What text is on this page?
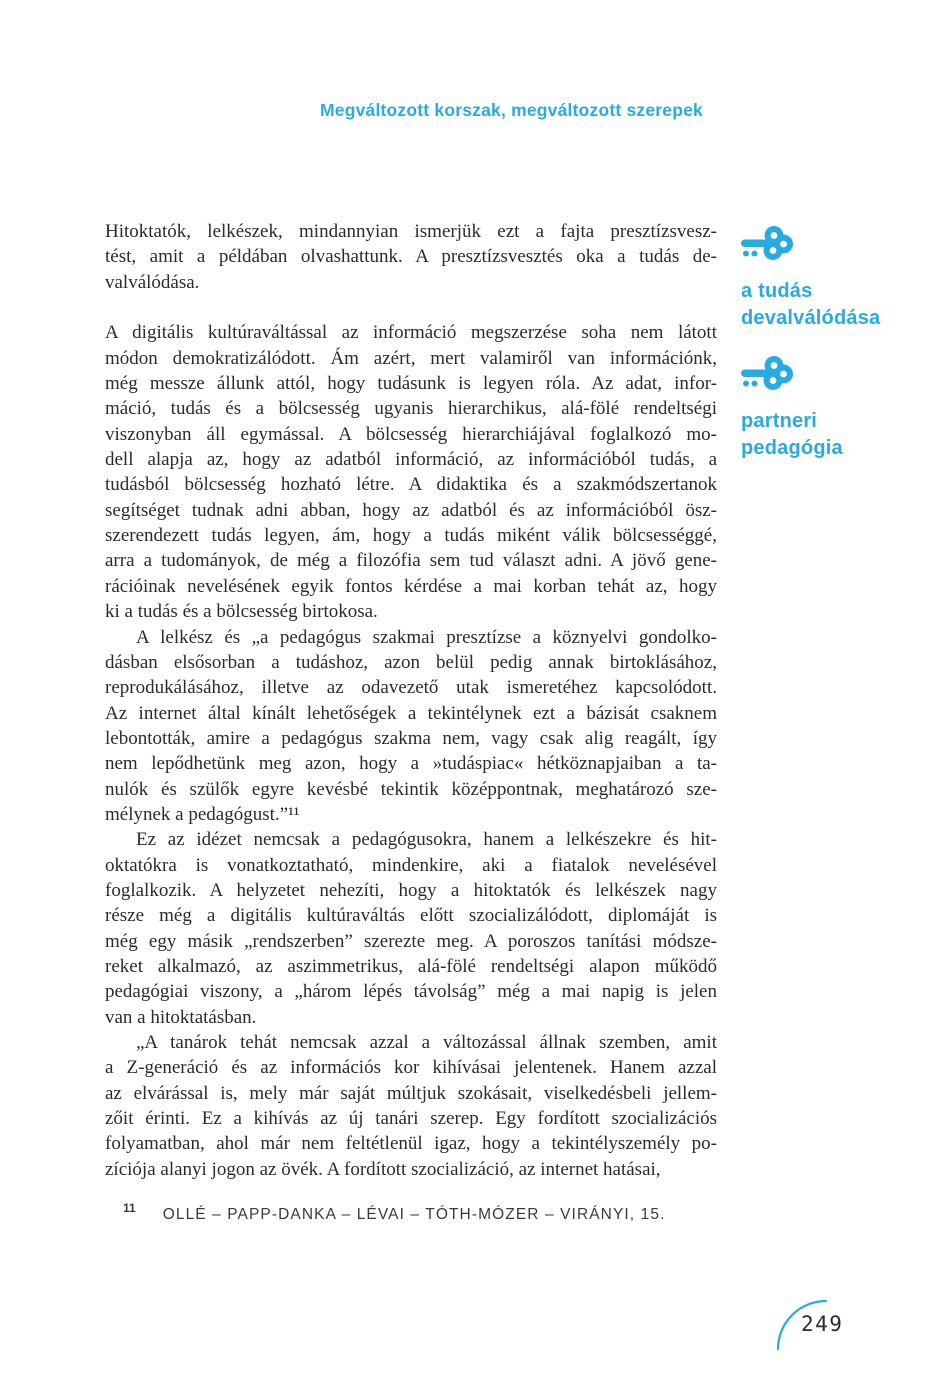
Megváltozott korszak, megváltozott szerepek
Hitoktatók, lelkészek, mindannyian ismerjük ezt a fajta presztízsvesz-
tést, amit a példában olvashattunk. A presztízsvesztés oka a tudás de-
valválódása.
A digitális kultúraváltással az információ megszerzése soha nem látott
módon demokratizálódott. Ám azért, mert valamiről van információnk,
még messze állunk attól, hogy tudásunk is legyen róla. Az adat, infor-
máció, tudás és a bölcsesség ugyanis hierarchikus, alá-fölé rendeltségi
viszonyban áll egymással. A bölcsesség hierarchiájával foglalkozó mo-
dell alapja az, hogy az adatból információ, az információból tudás, a
tudásból bölcsesség hozható létre. A didaktika és a szakmódszertanok
segítséget tudnak adni abban, hogy az adatból és az információból ösz-
szerendezett tudás legyen, ám, hogy a tudás miként válik bölcsességgé,
arra a tudományok, de még a filozófia sem tud választ adni. A jövő gene-
rációinak nevelésének egyik fontos kérdése a mai korban tehát az, hogy
ki a tudás és a bölcsesség birtokosa.
A lelkész és „a pedagógus szakmai presztízse a köznyelvi gondolko-
dásban elsősorban a tudáshoz, azon belül pedig annak birtoklásához,
reprodukálásához, illetve az odavezető utak ismeretéhez kapcsolódott.
Az internet által kínált lehetőségek a tekintélynek ezt a bázisát csaknem
lebontották, amire a pedagógus szakma nem, vagy csak alig reagált, így
nem lepődhetünk meg azon, hogy a »tudáspiac« hétköznapjaiban a ta-
nulók és szülők egyre kevésbé tekintik középpontnak, meghatározó sze-
mélynek a pedagógust.”¹¹
Ez az idézet nemcsak a pedagógusokra, hanem a lelkészekre és hit-
oktatókra is vonatkoztatható, mindenkire, aki a fiatalok nevelésével
foglalkozik. A helyzetet nehezíti, hogy a hitoktatók és lelkészek nagy
része még a digitális kultúraváltás előtt szocializálódott, diplomáját is
még egy másik „rendszerben” szerezte meg. A poroszos tanítási módsze-
reket alkalmazó, az aszimmetrikus, alá-fölé rendeltségi alapon működő
pedagógiai viszony, a „három lépés távolság” még a mai napig is jelen
van a hitoktatásban.
„A tanárok tehát nemcsak azzal a változással állnak szemben, amit
a Z-generáció és az információs kor kihívásai jelentenek. Hanem azzal
az elvárással is, mely már saját múltjuk szokásait, viselkedésbeli jellem-
zőit érinti. Ez a kihívás az új tanári szerep. Egy fordított szocializációs
folyamatban, ahol már nem feltétlenül igaz, hogy a tekintélyszemély po-
zíciója alanyi jogon az övék. A fordított szocializáció, az internet hatásai,
a tudás
devalválódása
partneri
pedagógia
11 OLLÉ – PAPP-DANKA – LÉVAI – TÓTH-MÓZER – VIRÁNYI, 15.
249
